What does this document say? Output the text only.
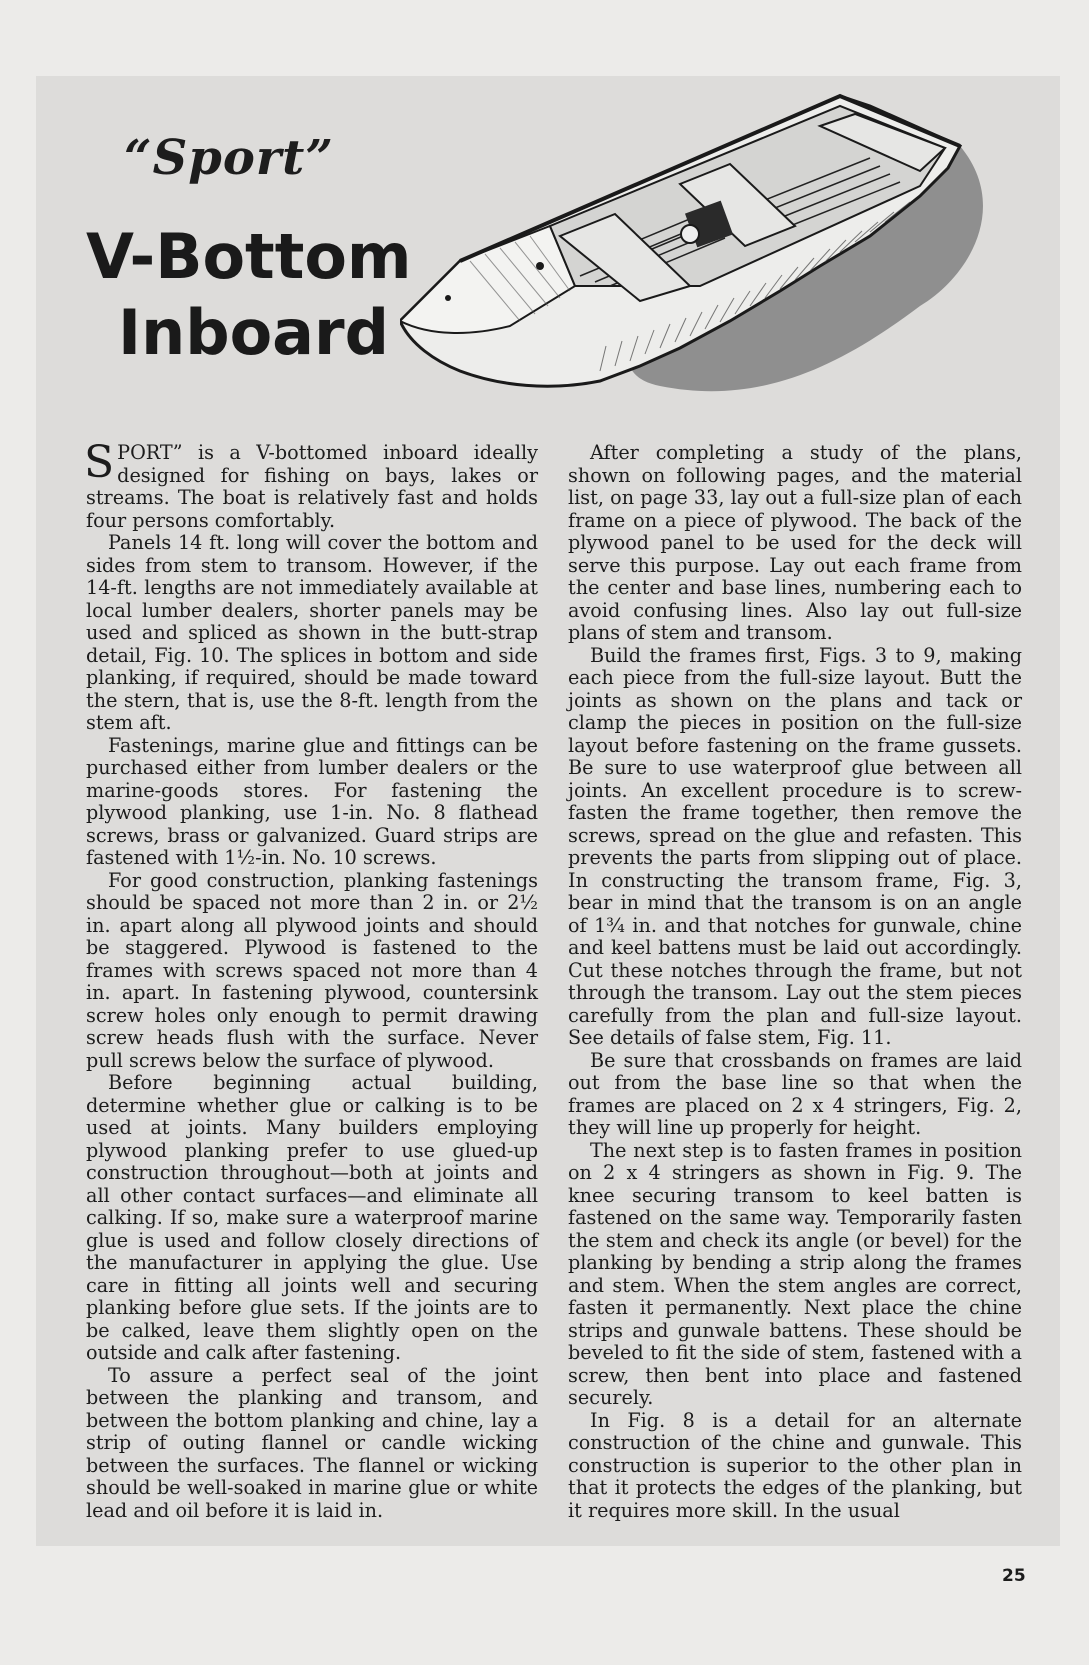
“Sport”
V-Bottom
Inboard

SPORT” is a V-bottomed inboard ideally designed for fishing on bays, lakes or streams. The boat is relatively fast and holds four persons comfortably.

Panels 14 ft. long will cover the bottom and sides from stem to transom. However, if the 14-ft. lengths are not immediately available at local lumber dealers, shorter panels may be used and spliced as shown in the butt-strap detail, Fig. 10. The splices in bottom and side planking, if required, should be made toward the stern, that is, use the 8-ft. length from the stem aft.

Fastenings, marine glue and fittings can be purchased either from lumber dealers or the marine-goods stores. For fastening the plywood planking, use 1-in. No. 8 flathead screws, brass or galvanized. Guard strips are fastened with 1½-in. No. 10 screws.

For good construction, planking fastenings should be spaced not more than 2 in. or 2½ in. apart along all plywood joints and should be staggered. Plywood is fastened to the frames with screws spaced not more than 4 in. apart. In fastening plywood, countersink screw holes only enough to permit drawing screw heads flush with the surface. Never pull screws below the surface of plywood.

Before beginning actual building, determine whether glue or calking is to be used at joints. Many builders employing plywood planking prefer to use glued-up construction throughout—both at joints and all other contact surfaces—and eliminate all calking. If so, make sure a waterproof marine glue is used and follow closely directions of the manufacturer in applying the glue. Use care in fitting all joints well and securing planking before glue sets. If the joints are to be calked, leave them slightly open on the outside and calk after fastening.

To assure a perfect seal of the joint between the planking and transom, and between the bottom planking and chine, lay a strip of outing flannel or candle wicking between the surfaces. The flannel or wicking should be well-soaked in marine glue or white lead and oil before it is laid in.

After completing a study of the plans, shown on following pages, and the material list, on page 33, lay out a full-size plan of each frame on a piece of plywood. The back of the plywood panel to be used for the deck will serve this purpose. Lay out each frame from the center and base lines, numbering each to avoid confusing lines. Also lay out full-size plans of stem and transom.

Build the frames first, Figs. 3 to 9, making each piece from the full-size layout. Butt the joints as shown on the plans and tack or clamp the pieces in position on the full-size layout before fastening on the frame gussets. Be sure to use waterproof glue between all joints. An excellent procedure is to screw-fasten the frame together, then remove the screws, spread on the glue and refasten. This prevents the parts from slipping out of place. In constructing the transom frame, Fig. 3, bear in mind that the transom is on an angle of 1¾ in. and that notches for gunwale, chine and keel battens must be laid out accordingly. Cut these notches through the frame, but not through the transom. Lay out the stem pieces carefully from the plan and full-size layout. See details of false stem, Fig. 11.

Be sure that crossbands on frames are laid out from the base line so that when the frames are placed on 2 x 4 stringers, Fig. 2, they will line up properly for height.

The next step is to fasten frames in position on 2 x 4 stringers as shown in Fig. 9. The knee securing transom to keel batten is fastened on the same way. Temporarily fasten the stem and check its angle (or bevel) for the planking by bending a strip along the frames and stem. When the stem angles are correct, fasten it permanently. Next place the chine strips and gunwale battens. These should be beveled to fit the side of stem, fastened with a screw, then bent into place and fastened securely.

In Fig. 8 is a detail for an alternate construction of the chine and gunwale. This construction is superior to the other plan in that it protects the edges of the planking, but it requires more skill. In the usual

25
